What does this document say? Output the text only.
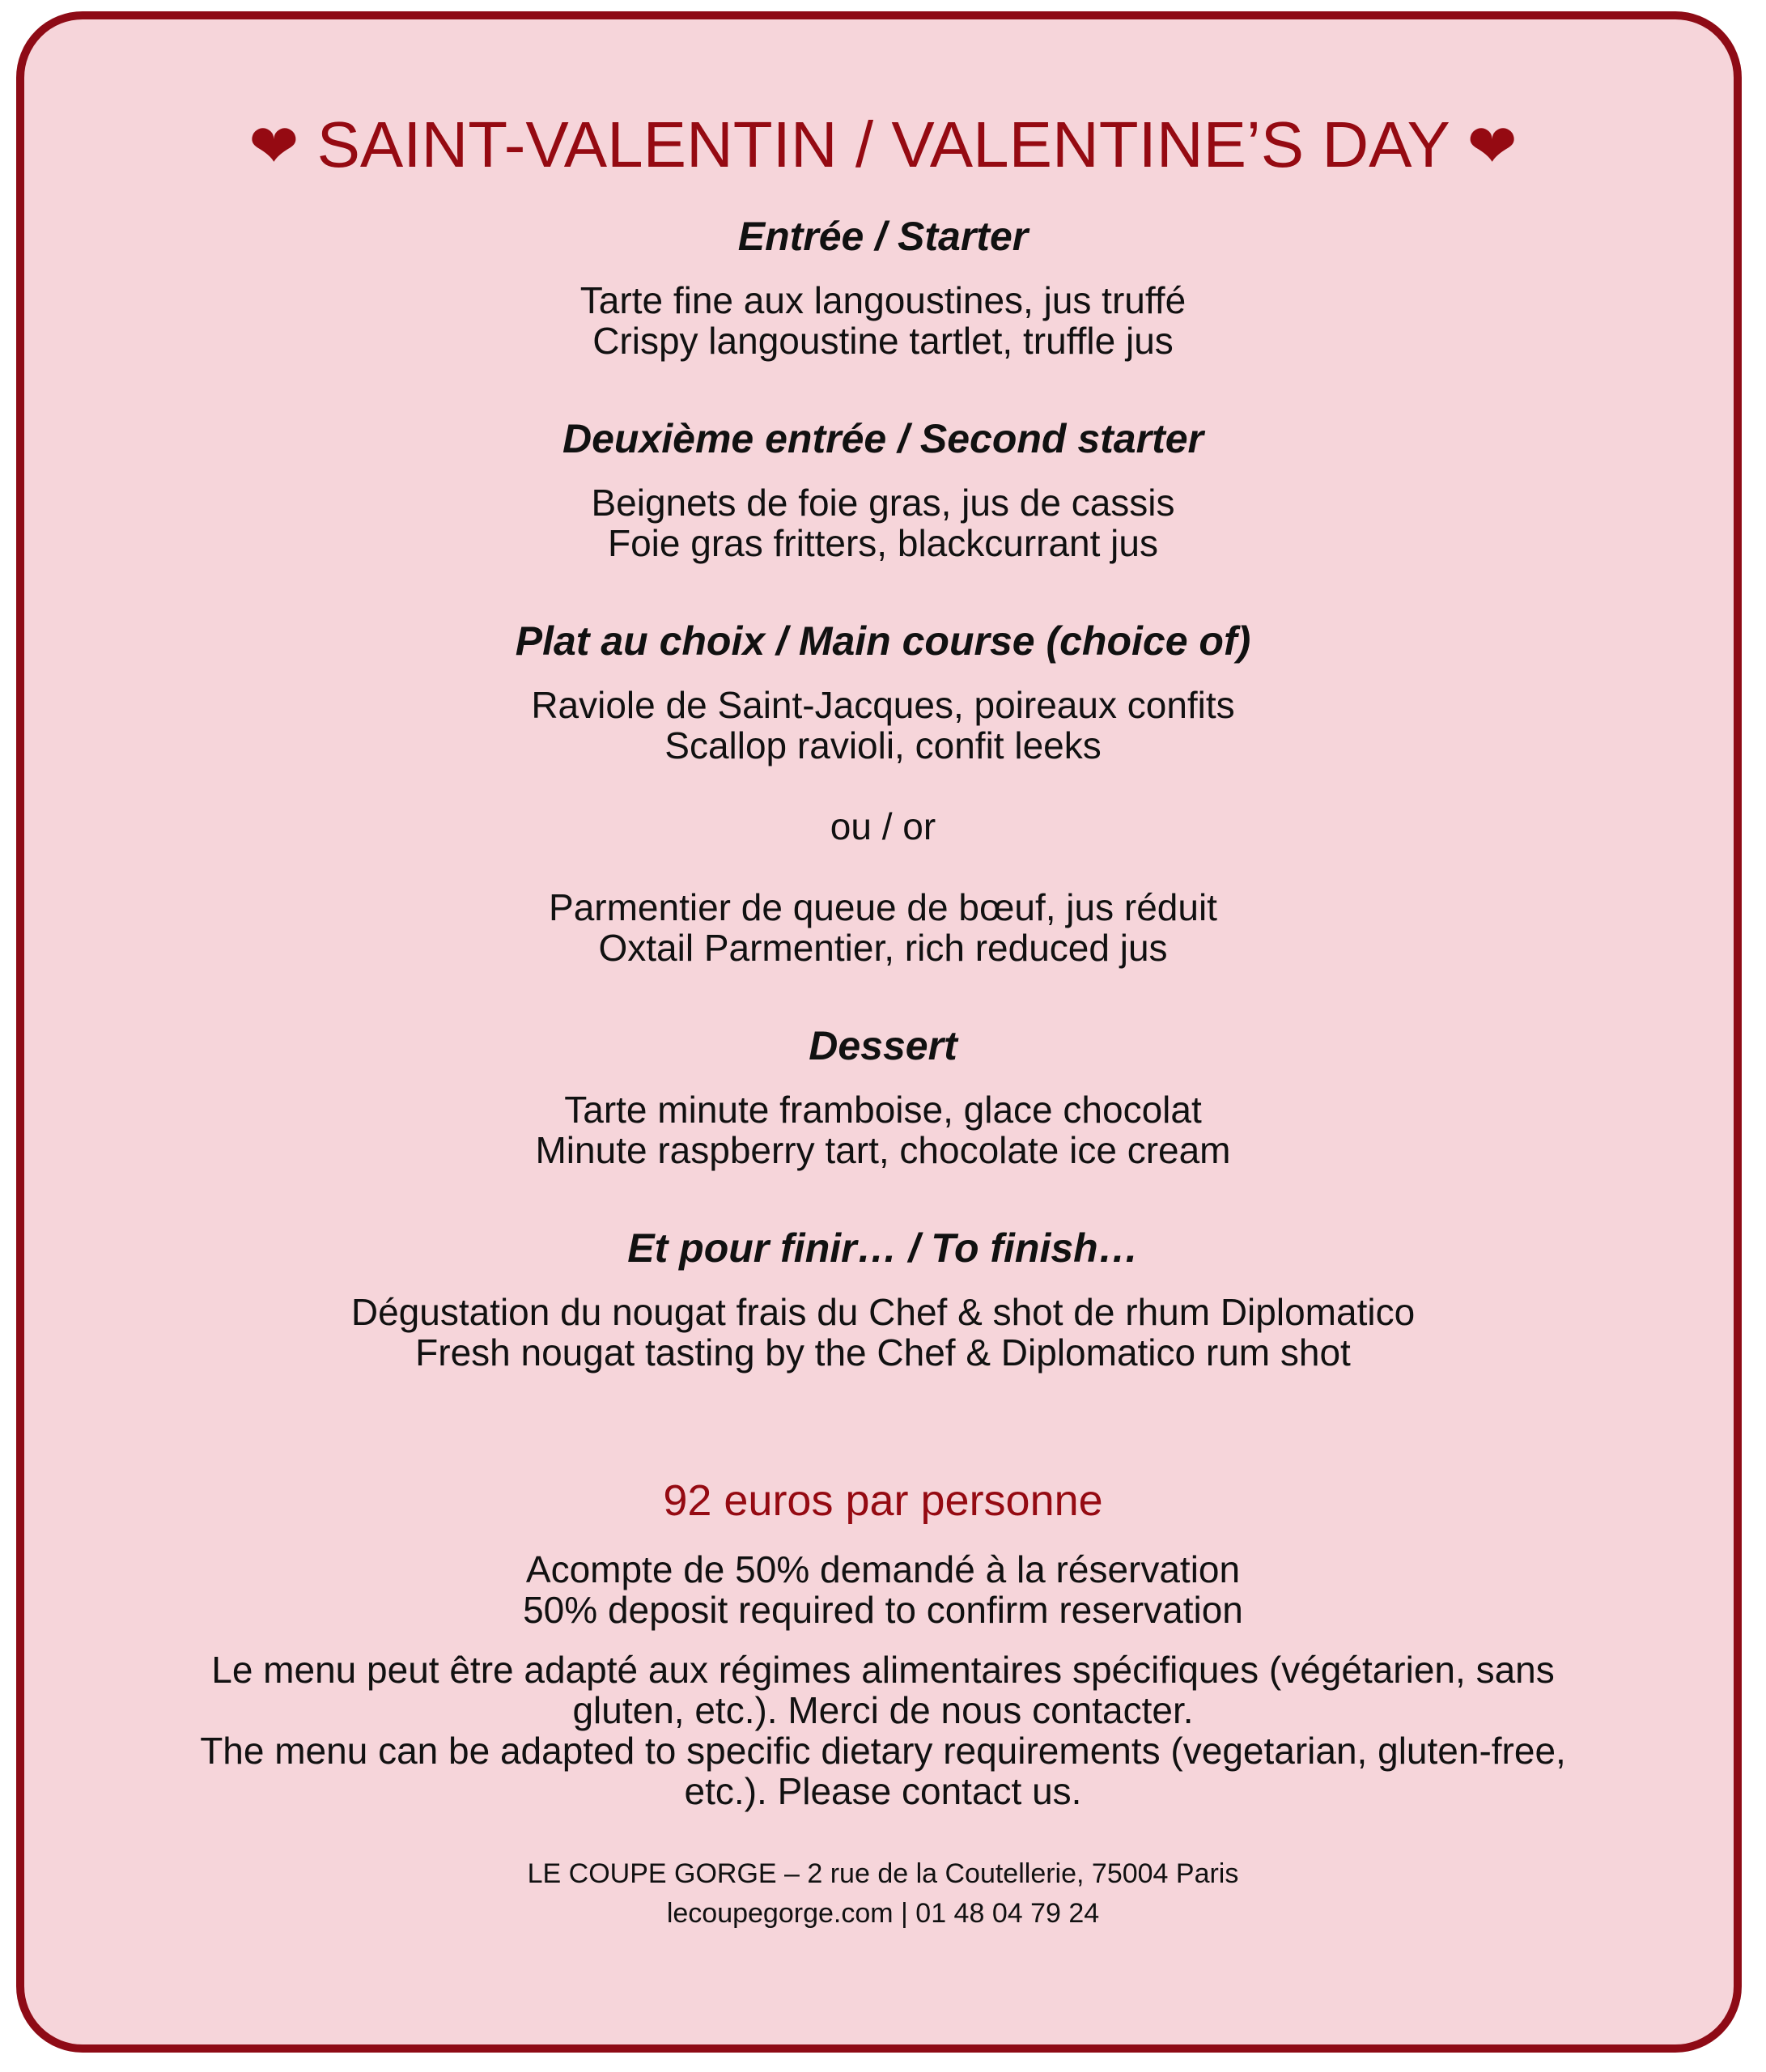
❤ SAINT-VALENTIN / VALENTINE’S DAY ❤
Entrée / Starter
Tarte fine aux langoustines, jus truffé
Crispy langoustine tartlet, truffle jus
Deuxième entrée / Second starter
Beignets de foie gras, jus de cassis
Foie gras fritters, blackcurrant jus
Plat au choix / Main course (choice of)
Raviole de Saint-Jacques, poireaux confits
Scallop ravioli, confit leeks
ou / or
Parmentier de queue de bœuf, jus réduit
Oxtail Parmentier, rich reduced jus
Dessert
Tarte minute framboise, glace chocolat
Minute raspberry tart, chocolate ice cream
Et pour finir… / To finish…
Dégustation du nougat frais du Chef & shot de rhum Diplomatico
Fresh nougat tasting by the Chef & Diplomatico rum shot
92 euros par personne
Acompte de 50% demandé à la réservation
50% deposit required to confirm reservation
Le menu peut être adapté aux régimes alimentaires spécifiques (végétarien, sans
gluten, etc.). Merci de nous contacter.
The menu can be adapted to specific dietary requirements (vegetarian, gluten-free,
etc.). Please contact us.
LE COUPE GORGE – 2 rue de la Coutellerie, 75004 Paris
lecoupegorge.com | 01 48 04 79 24
